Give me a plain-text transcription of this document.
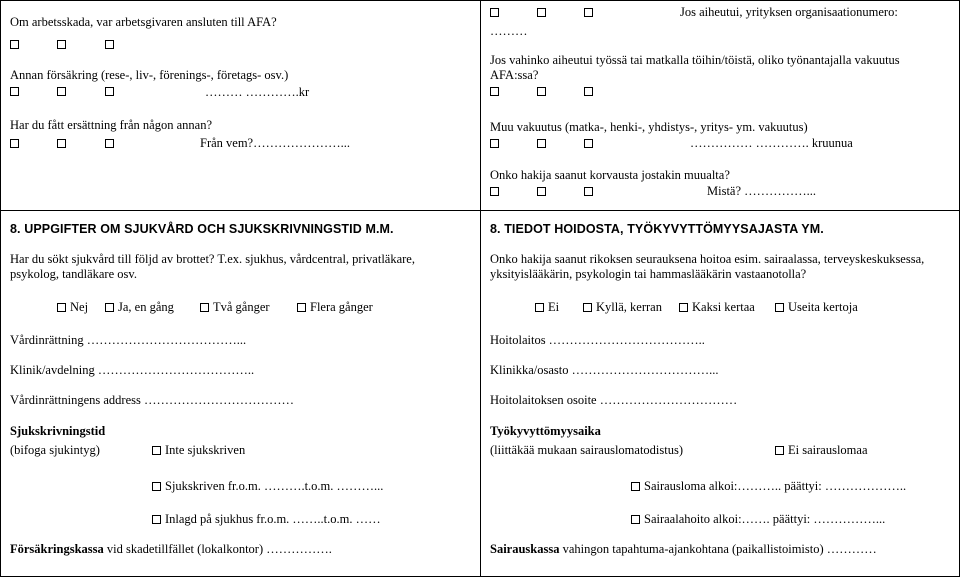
Om arbetsskada, var arbetsgivaren ansluten till AFA?
Annan försäkring (rese-, liv-, förenings-, företags- osv.)
……… ………….kr
Har du fått ersättning från någon annan?
Från vem?…………………...
Jos aiheutui, yrityksen organisaationumero:
………
Jos vahinko aiheutui työssä tai matkalla töihin/töistä, oliko työnantajalla vakuutus
AFA:ssa?
Muu vakuutus (matka-, henki-, yhdistys-, yritys- ym. vakuutus)
…………… …………. kruunua
Onko hakija saanut korvausta jostakin muualta?
Mistä? ……………...
8. UPPGIFTER OM SJUKVÅRD OCH SJUKSKRIVNINGSTID M.M.
Har du sökt sjukvård till följd av brottet? T.ex. sjukhus, vårdcentral, privatläkare,
psykolog, tandläkare osv.
Nej	Ja, en gång	Två gånger	Flera gånger
Vårdinrättning ………………………………...
Klinik/avdelning ………………………………..
Vårdinrättningens address ………………………………
Sjukskrivningstid
(bifoga sjukintyg)	Inte sjukskriven
Sjukskriven fr.o.m. ……….t.o.m. ………...
Inlagd på sjukhus fr.o.m. ……..t.o.m. ……
Försäkringskassa vid skadetillfället (lokalkontor) …………….
8. TIEDOT HOIDOSTA, TYÖKYVYTTÖMYYSAJASTA YM.
Onko hakija saanut rikoksen seurauksena hoitoa esim. sairaalassa, terveyskeskuksessa,
yksityislääkärin, psykologin tai hammaslääkärin vastaanotolla?
Ei	Kyllä, kerran	Kaksi kertaa	Useita kertoja
Hoitolaitos ………………………………..
Klinikka/osasto ……………………………...
Hoitolaitoksen osoite ……………………………
Työkyvyttömyysaika
(liittäkää mukaan sairauslomatodistus)	Ei sairauslomaa
Sairausloma alkoi:……….. päättyi: ………………..
Sairaalahoito alkoi:……. päättyi: ……………...
Sairauskassa vahingon tapahtuma-ajankohtana (paikallistoimisto) …………
